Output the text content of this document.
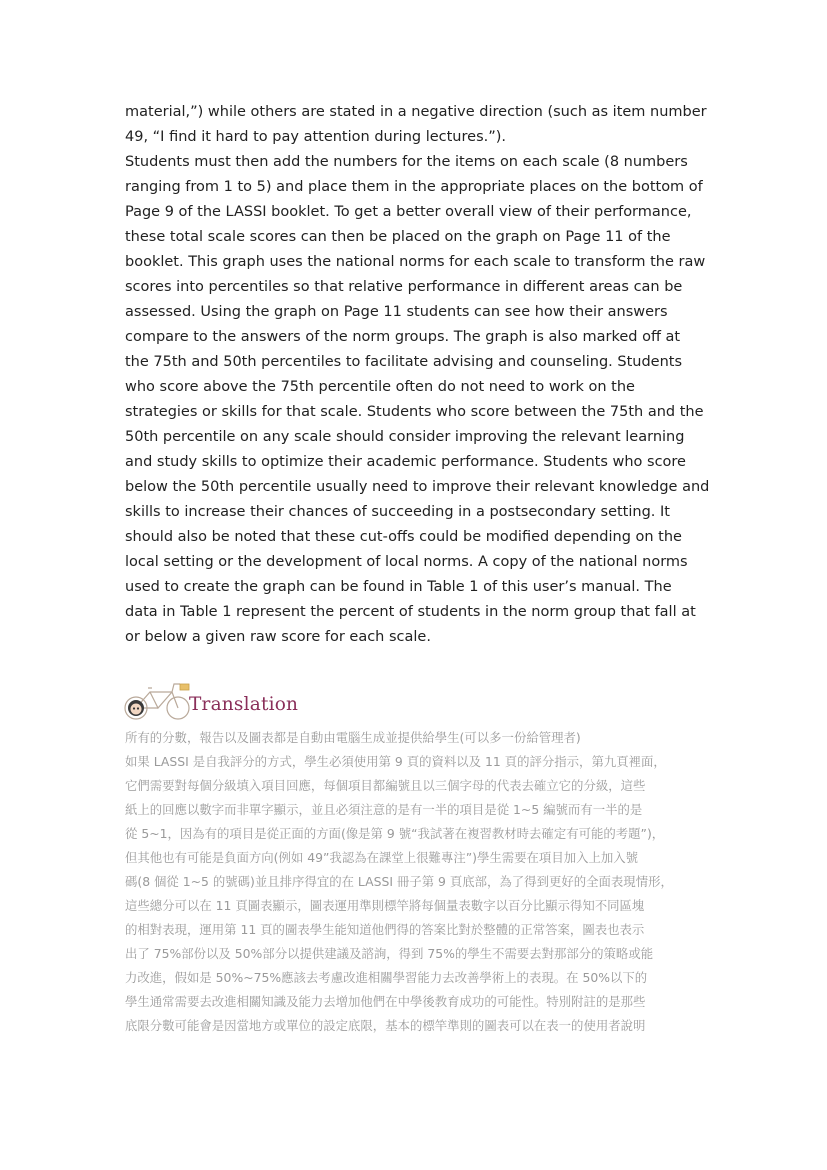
material,”) while others are stated in a negative direction (such as item number
49, “I find it hard to pay attention during lectures.”).
Students must then add the numbers for the items on each scale (8 numbers
ranging from 1 to 5) and place them in the appropriate places on the bottom of
Page 9 of the LASSI booklet. To get a better overall view of their performance,
these total scale scores can then be placed on the graph on Page 11 of the
booklet. This graph uses the national norms for each scale to transform the raw
scores into percentiles so that relative performance in different areas can be
assessed. Using the graph on Page 11 students can see how their answers
compare to the answers of the norm groups. The graph is also marked off at
the 75th and 50th percentiles to facilitate advising and counseling. Students
who score above the 75th percentile often do not need to work on the
strategies or skills for that scale. Students who score between the 75th and the
50th percentile on any scale should consider improving the relevant learning
and study skills to optimize their academic performance. Students who score
below the 50th percentile usually need to improve their relevant knowledge and
skills to increase their chances of succeeding in a postsecondary setting. It
should also be noted that these cut-offs could be modified depending on the
local setting or the development of local norms. A copy of the national norms
used to create the graph can be found in Table 1 of this user’s manual. The
data in Table 1 represent the percent of students in the norm group that fall at
or below a given raw score for each scale.
Translation
所有的分數，報告以及圖表都是自動由電腦生成並提供給學生(可以多一份給管理者)
如果 LASSI 是自我評分的方式，學生必須使用第 9 頁的資料以及 11 頁的評分指示，第九頁裡面，
它們需要對每個分級填入項目回應，每個項目都編號且以三個字母的代表去確立它的分級，這些
紙上的回應以數字而非單字顯示，並且必須注意的是有一半的項目是從 1~5 編號而有一半的是
從 5~1，因為有的項目是從正面的方面(像是第 9 號“我試著在複習教材時去確定有可能的考題”)，
但其他也有可能是負面方向(例如 49”我認為在課堂上很難專注”)學生需要在項目加入上加入號
碼(8 個從 1~5 的號碼)並且排序得宜的在 LASSI 冊子第 9 頁底部，為了得到更好的全面表現情形，
這些總分可以在 11 頁圖表顯示，圖表運用準則標竿將每個量表數字以百分比顯示得知不同區塊
的相對表現，運用第 11 頁的圖表學生能知道他們得的答案比對於整體的正常答案，圖表也表示
出了 75%部份以及 50%部分以提供建議及諮詢，得到 75%的學生不需要去對那部分的策略或能
力改進，假如是 50%~75%應該去考慮改進相關學習能力去改善學術上的表現。在 50%以下的
學生通常需要去改進相關知識及能力去增加他們在中學後教育成功的可能性。特別附註的是那些
底限分數可能會是因當地方或單位的設定底限，基本的標竿準則的圖表可以在表一的使用者說明
